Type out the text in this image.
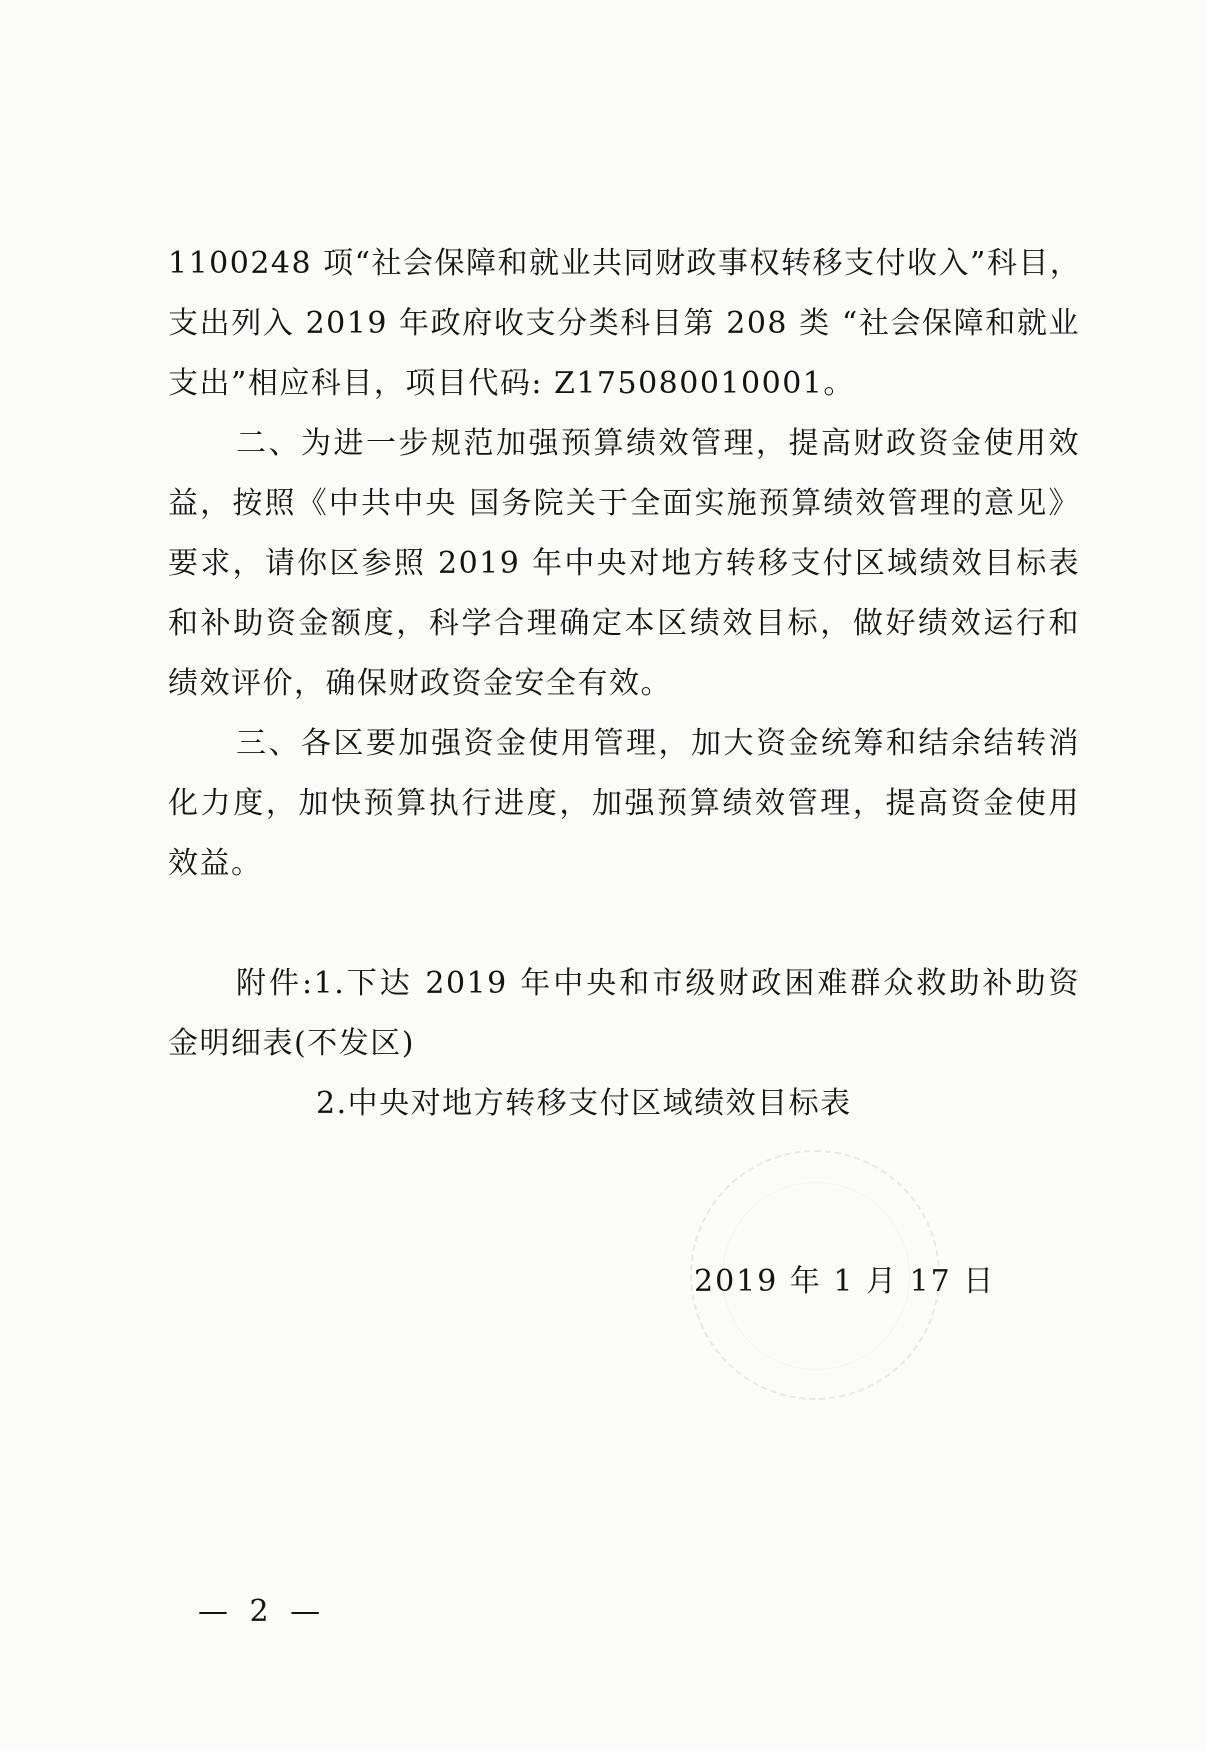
1100248 项“社会保障和就业共同财政事权转移支付收入”科目，
支出列入 2019 年政府收支分类科目第 208 类 “社会保障和就业
支出”相应科目，项目代码: Z175080010001。
二、为进一步规范加强预算绩效管理，提高财政资金使用效
益，按照《中共中央 国务院关于全面实施预算绩效管理的意见》
要求，请你区参照 2019 年中央对地方转移支付区域绩效目标表
和补助资金额度，科学合理确定本区绩效目标，做好绩效运行和
绩效评价，确保财政资金安全有效。
三、各区要加强资金使用管理，加大资金统筹和结余结转消
化力度，加快预算执行进度，加强预算绩效管理，提高资金使用
效益。
附件:1.下达 2019 年中央和市级财政困难群众救助补助资
金明细表(不发区)
2.中央对地方转移支付区域绩效目标表
2019 年 1 月 17 日
— 2 —
